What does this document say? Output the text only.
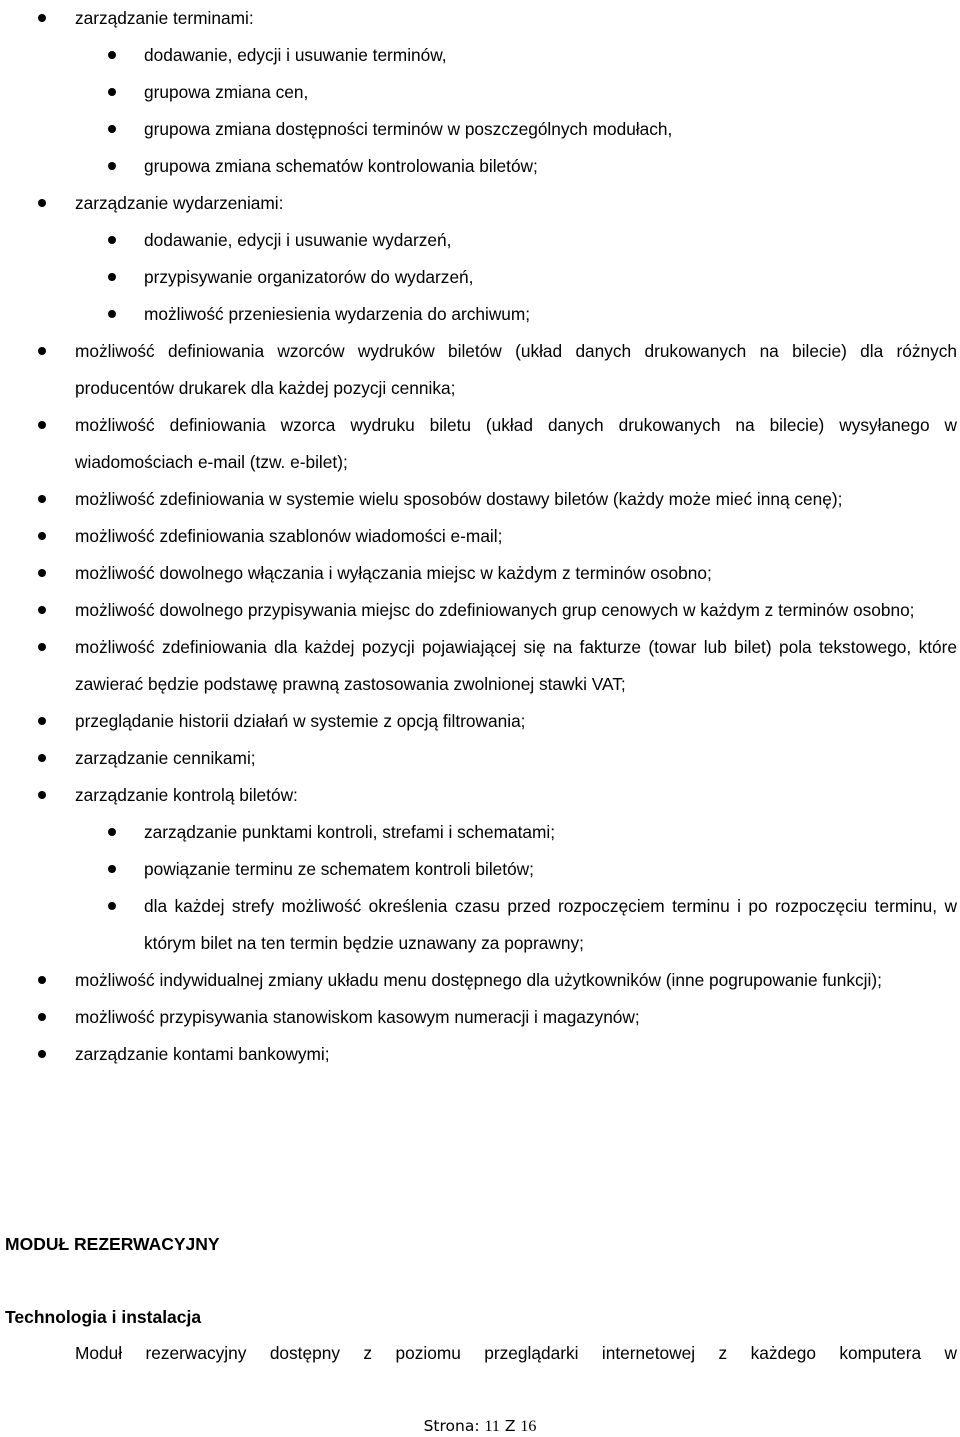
zarządzanie terminami:
dodawanie, edycji i usuwanie terminów,
grupowa zmiana cen,
grupowa zmiana dostępności terminów w poszczególnych modułach,
grupowa zmiana schematów kontrolowania biletów;
zarządzanie wydarzeniami:
dodawanie, edycji i usuwanie wydarzeń,
przypisywanie organizatorów do wydarzeń,
możliwość przeniesienia wydarzenia do archiwum;
możliwość definiowania wzorców wydruków biletów (układ danych drukowanych na bilecie) dla różnych producentów drukarek dla każdej pozycji cennika;
możliwość definiowania wzorca wydruku biletu (układ danych drukowanych na bilecie) wysyłanego w wiadomościach e-mail (tzw. e-bilet);
możliwość zdefiniowania w systemie wielu sposobów dostawy biletów (każdy może mieć inną cenę);
możliwość zdefiniowania szablonów wiadomości e-mail;
możliwość dowolnego włączania i wyłączania miejsc w każdym z terminów osobno;
możliwość dowolnego przypisywania miejsc do zdefiniowanych grup cenowych w każdym z terminów osobno;
możliwość zdefiniowania dla każdej pozycji pojawiającej się na fakturze (towar lub bilet) pola tekstowego, które zawierać będzie podstawę prawną zastosowania zwolnionej stawki VAT;
przeglądanie historii działań w systemie z opcją filtrowania;
zarządzanie cennikami;
zarządzanie kontrolą biletów:
zarządzanie punktami kontroli, strefami i schematami;
powiązanie terminu ze schematem kontroli biletów;
dla każdej strefy możliwość określenia czasu przed rozpoczęciem terminu i po rozpoczęciu terminu, w którym bilet na ten termin będzie uznawany za poprawny;
możliwość indywidualnej zmiany układu menu dostępnego dla użytkowników (inne pogrupowanie funkcji);
możliwość przypisywania stanowiskom kasowym numeracji i magazynów;
zarządzanie kontami bankowymi;
MODUŁ REZERWACYJNY
Technologia i instalacja

Moduł rezerwacyjny dostępny z poziomu przeglądarki internetowej z każdego komputera w

Strona: 11 Z 16
